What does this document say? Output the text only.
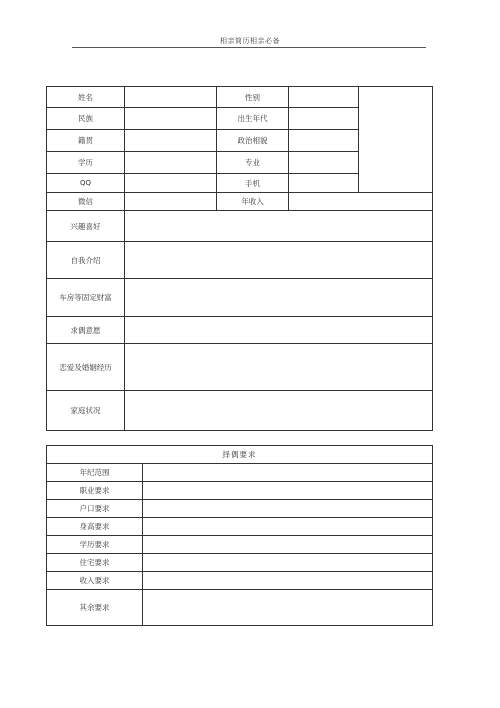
相亲简历相亲必备
姓名		性别		
民族		出生年代		
籍贯		政治相貌		
学历		专业		
QQ		手机		
微信		年收入		
兴趣喜好				
自我介绍				
车房等固定财富				
求偶意愿				
恋爱及婚姻经历				
家庭状况				
择偶要求	
年纪范围	
职业要求	
户口要求	
身高要求	
学历要求	
住宅要求	
收入要求	
其余要求	
